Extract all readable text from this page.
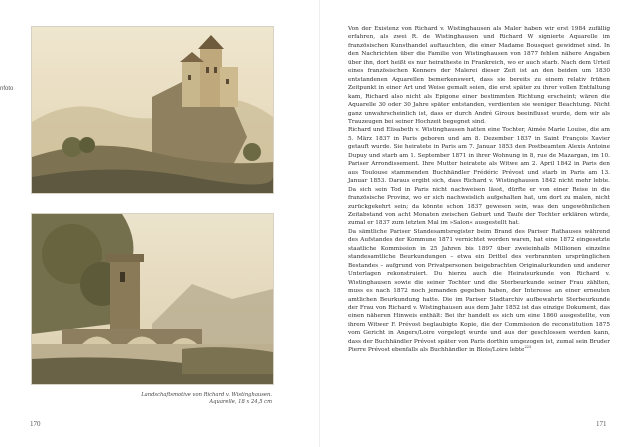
nfoto
Landschaftsmotive von Richard v. Wistinghausen.
Aquarelle, 18 x 24,5 cm
170	171

Von der Existenz von Richard v. Wistinghausen als Maler haben wir erst 1984 zufällig erfahren, als zwei R. de Wistinghausen und Richard W signierte Aquarelle im französischen Kunsthandel auftauchten, die einer Madame Bousquet gewidmet sind. In den Nachrichten über die Familie von Wistinghausen von 1877 fehlen nähere Angaben über ihn, dort heißt es nur heiratheste in Frankreich, wo er auch starb. Nach dem Urteil eines französischen Kenners der Malerei dieser Zeit ist an den beiden um 1830 entstandenen Aquarellen bemerkenswert, dass sie bereits zu einem relativ frühen Zeitpunkt in einer Art und Weise gemalt seien, die erst später zu ihrer vollen Entfaltung kam, Richard also nicht als Epigone einer bestimmten Richtung erscheint; wären die Aquarelle 30 oder 30 Jahre später entstanden, verdienten sie weniger Beachtung. Nicht ganz unwahrscheinlich ist, dass er durch André Giroux beeinflusst wurde, dem wir als Trauzeugen bei seiner Hochzeit begegnet sind.

Richard und Elisabeth v. Wistinghausen hatten eine Tochter, Aimée Marie Louise, die am 5. März 1837 in Paris geboren und am 8. Dezember 1837 in Saint François Xavier getauft wurde. Sie heiratete in Paris am 7. Januar 1853 den Postbeamten Alexis Antoine Dupuy und starb am 1. September 1871 in ihrer Wohnung in 8, rue de Mazargan, im 10. Pariser Arrondissement. Ihre Mutter heiratete als Witwe am 2. April 1842 in Paris den aus Toulouse stammenden Buchhändler Frédéric Prévost und starb in Paris am 13. Januar 1853. Daraus ergibt sich, dass Richard v. Wistinghausen 1842 nicht mehr lebte. Da sich sein Tod in Paris nicht nachweisen lässt, dürfte er von einer Reise in die französische Provinz, wo er sich nachweislich aufgehalten hat, um dort zu malen, nicht zurückgekehrt sein; da könnte schon 1837 gewesen sein, was den ungewöhnlichen Zeitabstand von acht Monaten zwischen Geburt und Taufe der Tochter erklären würde, zumal er 1837 zum letzten Mal im »Salon« ausgestellt hat.

Da sämtliche Pariser Standesamtsregister beim Brand des Pariser Rathauses während des Aufstandes der Kommune 1871 vernichtet worden waren, hat eine 1872 eingesetzte staatliche Kommission in 25 Jahren bis 1897 über zweieinhalb Millionen einzelne standesamtliche Beurkundungen – etwa ein Drittel des verbrannten ursprünglichen Bestandes – aufgrund von Privatpersonen beigebrachten Originalurkunden und anderer Unterlagen rekonstruiert. Du hierzu auch die Heiratsurkunde von Richard v. Wistinghausen sowie die seiner Tochter und die Sterbeurkunde seiner Frau zählten, muss es nach 1872 noch jemanden gegeben haben, der Interesse an einer erneuten amtlichen Beurkundung hatte. Die im Pariser Stadtarchiv aufbewahrte Sterbeurkunde der Frau von Richard v. Wistinghausen aus dem Jahr 1852 ist das einzige Dokument, das einen näheren Hinweis enthält: Bei ihr handelt es sich um eine 1860 ausgestellte, von ihrem Witwer F. Prévost beglaubigte Kopie, die der Commission de reconstitution 1875 vom Gericht in Angers/Loire vorgelegt wurde und aus der geschlossen werden kann, dass der Buchhändler Prévost später von Paris dorthin umgezogen ist, zumal sein Bruder Pierre Prévost ebenfalls als Buchhändler in Blois/Loire lebte$^{223}$
